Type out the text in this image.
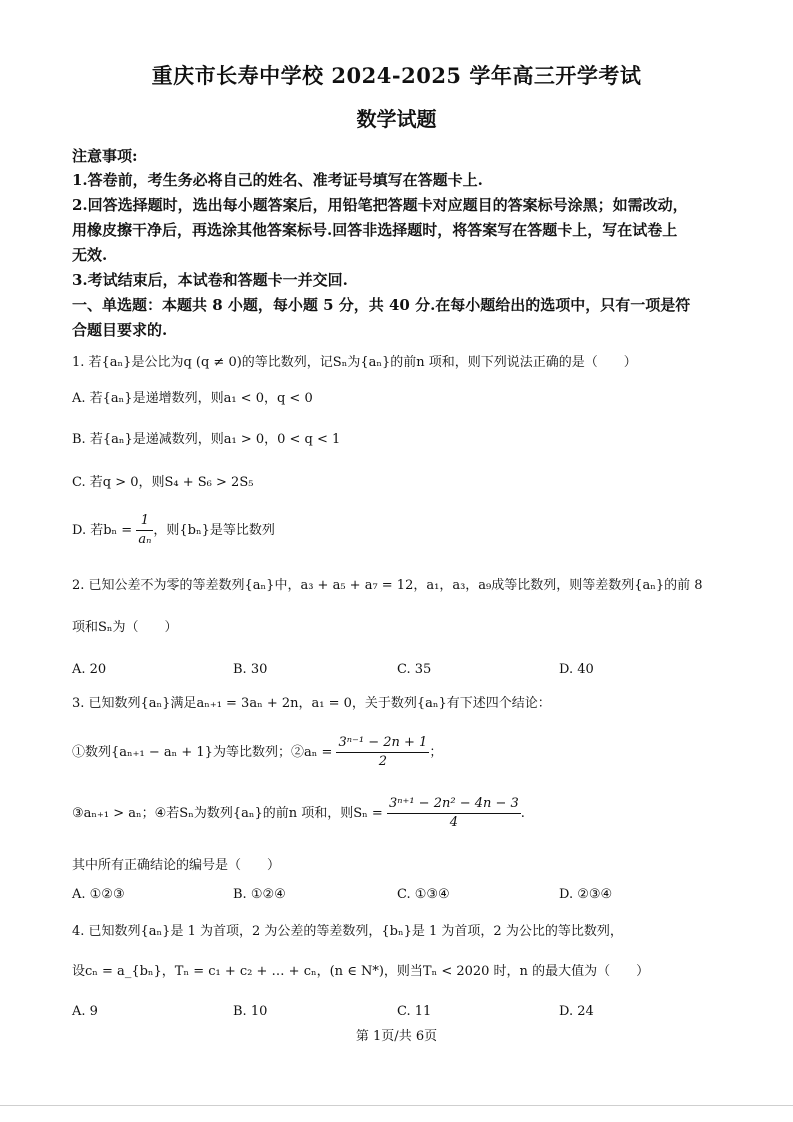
重庆市长寿中学校 2024-2025 学年高三开学考试
数学试题
注意事项:
1.答卷前，考生务必将自己的姓名、准考证号填写在答题卡上.
2.回答选择题时，选出每小题答案后，用铅笔把答题卡对应题目的答案标号涂黑；如需改动，
用橡皮擦干净后，再选涂其他答案标号.回答非选择题时，将答案写在答题卡上，写在试卷上
无效.
3.考试结束后，本试卷和答题卡一并交回.
一、单选题：本题共 8 小题，每小题 5 分，共 40 分.在每小题给出的选项中，只有一项是符
合题目要求的.
1. 若{aₙ}是公比为q (q ≠ 0)的等比数列，记Sₙ为{aₙ}的前n 项和，则下列说法正确的是（　　）
A. 若{aₙ}是递增数列，则a₁ < 0，q < 0
B. 若{aₙ}是递减数列，则a₁ > 0，0 < q < 1
C. 若q > 0，则S₄ + S₆ > 2S₅
D. 若$b_n = \frac{1}{\text{aₙ}}$ ，则{bₙ}是等比数列
2. 已知公差不为零的等差数列{aₙ}中，a₃ + a₅ + a₇ = 12，a₁，a₃，a₉成等比数列，则等差数列{aₙ}的前 8
项和Sₙ为（　　）
A. 20	B. 30	C. 35	D. 40
3. 已知数列{aₙ}满足aₙ₊₁ = 3aₙ + 2n，a₁ = 0，关于数列{aₙ}有下述四个结论：
①数列{aₙ₊₁ − aₙ + 1}为等比数列；②aₙ = $\frac{\text{3ⁿ⁻¹ − 2n + 1}}{2}$ ；
③aₙ₊₁ > aₙ；④若Sₙ为数列{aₙ}的前n 项和，则$S_n = \frac{\text{3ⁿ⁺¹ − 2n² − 4n − 3}}{4}$ .
其中所有正确结论的编号是（　　）
A. ①②③	B. ①②④	C. ①③④	D. ②③④
4. 已知数列{aₙ}是 1 为首项，2 为公差的等差数列，{bₙ}是 1 为首项，2 为公比的等比数列，
设cₙ = a_{bₙ}，Tₙ = c₁ + c₂ + … + cₙ，(n ∈ N*)，则当Tₙ < 2020 时，n 的最大值为（　　）
A. 9	B. 10	C. 11	D. 24
第 1页/共 6页
